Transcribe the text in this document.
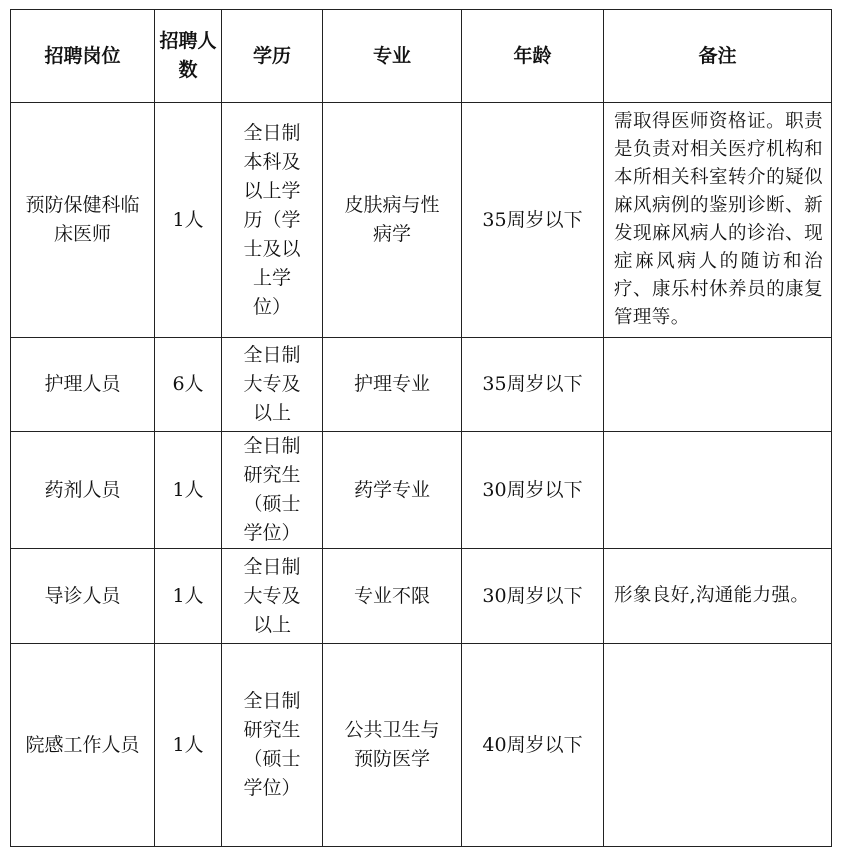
招聘岗位	招聘人数	学历	专业	年龄	备注
预防保健科临床医师	1人	全日制本科及以上学历（学士及以上学位）	皮肤病与性病学	35周岁以下	需取得医师资格证。职责是负责对相关医疗机构和本所相关科室转介的疑似麻风病例的鉴别诊断、新发现麻风病人的诊治、现症麻风病人的随访和治疗、康乐村休养员的康复管理等。
护理人员	6人	全日制大专及以上	护理专业	35周岁以下	
药剂人员	1人	全日制研究生（硕士学位）	药学专业	30周岁以下	
导诊人员	1人	全日制大专及以上	专业不限	30周岁以下	形象良好,沟通能力强。
院感工作人员	1人	全日制研究生（硕士学位）	公共卫生与预防医学	40周岁以下	
